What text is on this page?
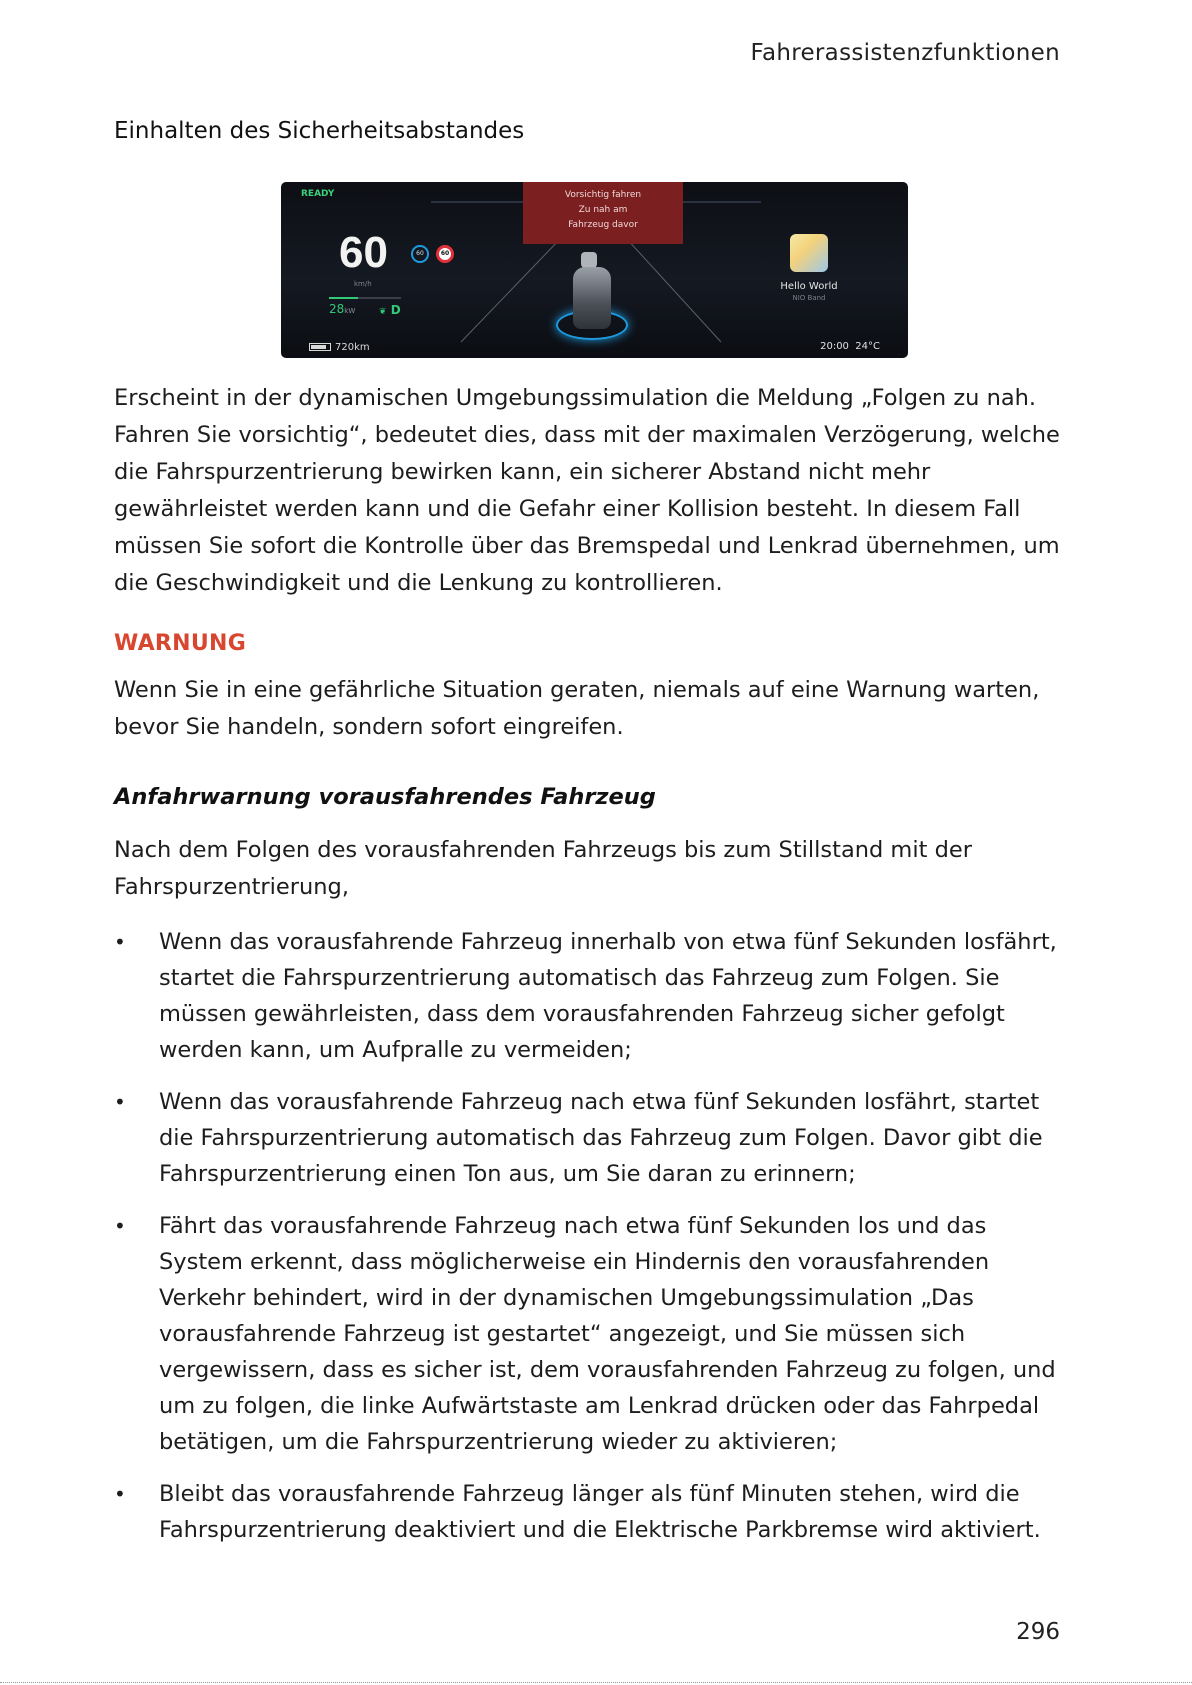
Fahrerassistenzfunktionen
Einhalten des Sicherheitsabstandes
READY
60
km/h
60	60
28kW	❦ D
720km
Vorsichtig fahren
Zu nah am
Fahrzeug davor
Hello World
NIO Band
20:00 24°C

Erscheint in der dynamischen Umgebungssimulation die Meldung „Folgen zu nah. Fahren Sie vorsichtig“, bedeutet dies, dass mit der maximalen Verzögerung, welche die Fahrspurzentrierung bewirken kann, ein sicherer Abstand nicht mehr gewährleistet werden kann und die Gefahr einer Kollision besteht. In diesem Fall müssen Sie sofort die Kontrolle über das Bremspedal und Lenkrad übernehmen, um die Geschwindigkeit und die Lenkung zu kontrollieren.

WARNUNG

Wenn Sie in eine gefährliche Situation geraten, niemals auf eine Warnung warten, bevor Sie handeln, sondern sofort eingreifen.

Anfahrwarnung vorausfahrendes Fahrzeug

Nach dem Folgen des vorausfahrenden Fahrzeugs bis zum Stillstand mit der Fahrspurzentrierung,

• Wenn das vorausfahrende Fahrzeug innerhalb von etwa fünf Sekunden losfährt, startet die Fahrspurzentrierung automatisch das Fahrzeug zum Folgen. Sie müssen gewährleisten, dass dem vorausfahrenden Fahrzeug sicher gefolgt werden kann, um Aufpralle zu vermeiden;
• Wenn das vorausfahrende Fahrzeug nach etwa fünf Sekunden losfährt, startet die Fahrspurzentrierung automatisch das Fahrzeug zum Folgen. Davor gibt die Fahrspurzentrierung einen Ton aus, um Sie daran zu erinnern;
• Fährt das vorausfahrende Fahrzeug nach etwa fünf Sekunden los und das System erkennt, dass möglicherweise ein Hindernis den vorausfahrenden Verkehr behindert, wird in der dynamischen Umgebungssimulation „Das vorausfahrende Fahrzeug ist gestartet“ angezeigt, und Sie müssen sich vergewissern, dass es sicher ist, dem vorausfahrenden Fahrzeug zu folgen, und um zu folgen, die linke Aufwärtstaste am Lenkrad drücken oder das Fahrpedal betätigen, um die Fahrspurzentrierung wieder zu aktivieren;
• Bleibt das vorausfahrende Fahrzeug länger als fünf Minuten stehen, wird die Fahrspurzentrierung deaktiviert und die Elektrische Parkbremse wird aktiviert.
296
